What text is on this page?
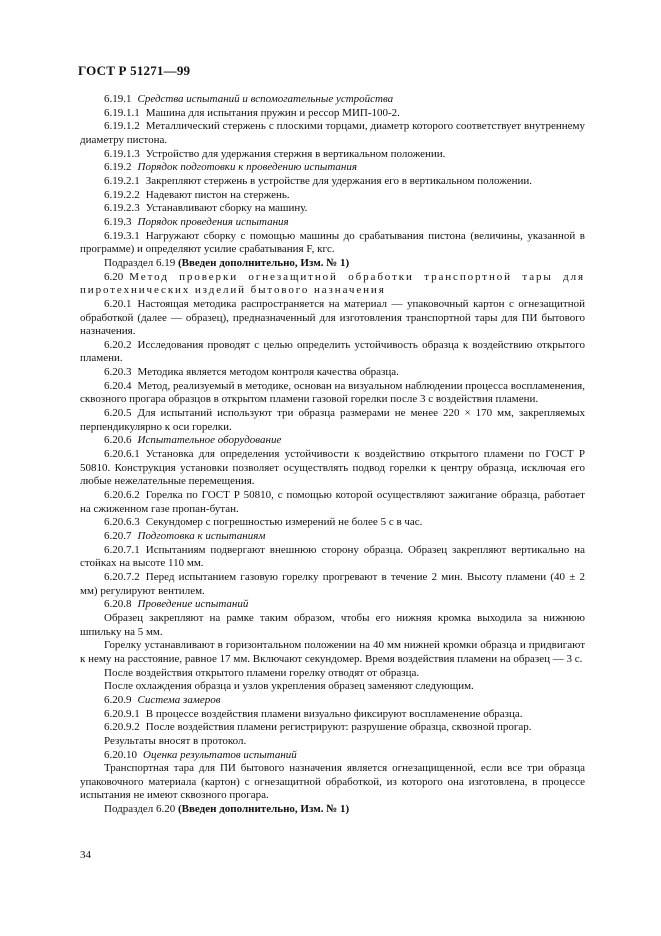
ГОСТ Р 51271—99

6.19.1 Средства испытаний и вспомогательные устройства

6.19.1.1 Машина для испытания пружин и рессор МИП-100-2.

6.19.1.2 Металлический стержень с плоскими торцами, диаметр которого соответствует внутреннему диаметру пистона.

6.19.1.3 Устройство для удержания стержня в вертикальном положении.

6.19.2 Порядок подготовки к проведению испытания

6.19.2.1 Закрепляют стержень в устройстве для удержания его в вертикальном положении.

6.19.2.2 Надевают пистон на стержень.

6.19.2.3 Устанавливают сборку на машину.

6.19.3 Порядок проведения испытания

6.19.3.1 Нагружают сборку с помощью машины до срабатывания пистона (величины, указанной в программе) и определяют усилие срабатывания F, кгс.

Подраздел 6.19 (Введен дополнительно, Изм. № 1)

6.20 Метод проверки огнезащитной обработки транспортной тары для пиротехнических изделий бытового назначения

6.20.1 Настоящая методика распространяется на материал — упаковочный картон с огнезащитной обработкой (далее — образец), предназначенный для изготовления транспортной тары для ПИ бытового назначения.

6.20.2 Исследования проводят с целью определить устойчивость образца к воздействию открытого пламени.

6.20.3 Методика является методом контроля качества образца.

6.20.4 Метод, реализуемый в методике, основан на визуальном наблюдении процесса воспламенения, сквозного прогара образцов в открытом пламени газовой горелки после 3 с воздействия пламени.

6.20.5 Для испытаний используют три образца размерами не менее 220 × 170 мм, закрепляемых перпендикулярно к оси горелки.

6.20.6 Испытательное оборудование

6.20.6.1 Установка для определения устойчивости к воздействию открытого пламени по ГОСТ Р 50810. Конструкция установки позволяет осуществлять подвод горелки к центру образца, исключая его любые нежелательные перемещения.

6.20.6.2 Горелка по ГОСТ Р 50810, с помощью которой осуществляют зажигание образца, работает на сжиженном газе пропан-бутан.

6.20.6.3 Секундомер с погрешностью измерений не более 5 с в час.

6.20.7 Подготовка к испытаниям

6.20.7.1 Испытаниям подвергают внешнюю сторону образца. Образец закрепляют вертикально на стойках на высоте 110 мм.

6.20.7.2 Перед испытанием газовую горелку прогревают в течение 2 мин. Высоту пламени (40 ± 2 мм) регулируют вентилем.

6.20.8 Проведение испытаний

Образец закрепляют на рамке таким образом, чтобы его нижняя кромка выходила за нижнюю шпильку на 5 мм.

Горелку устанавливают в горизонтальном положении на 40 мм нижней кромки образца и придвигают к нему на расстояние, равное 17 мм. Включают секундомер. Время воздействия пламени на образец — 3 с.

После воздействия открытого пламени горелку отводят от образца.

После охлаждения образца и узлов укрепления образец заменяют следующим.

6.20.9 Система замеров

6.20.9.1 В процессе воздействия пламени визуально фиксируют воспламенение образца.

6.20.9.2 После воздействия пламени регистрируют: разрушение образца, сквозной прогар.

Результаты вносят в протокол.

6.20.10 Оценка результатов испытаний

Транспортная тара для ПИ бытового назначения является огнезащищенной, если все три образца упаковочного материала (картон) с огнезащитной обработкой, из которого она изготовлена, в процессе испытания не имеют сквозного прогара.

Подраздел 6.20 (Введен дополнительно, Изм. № 1)

34
